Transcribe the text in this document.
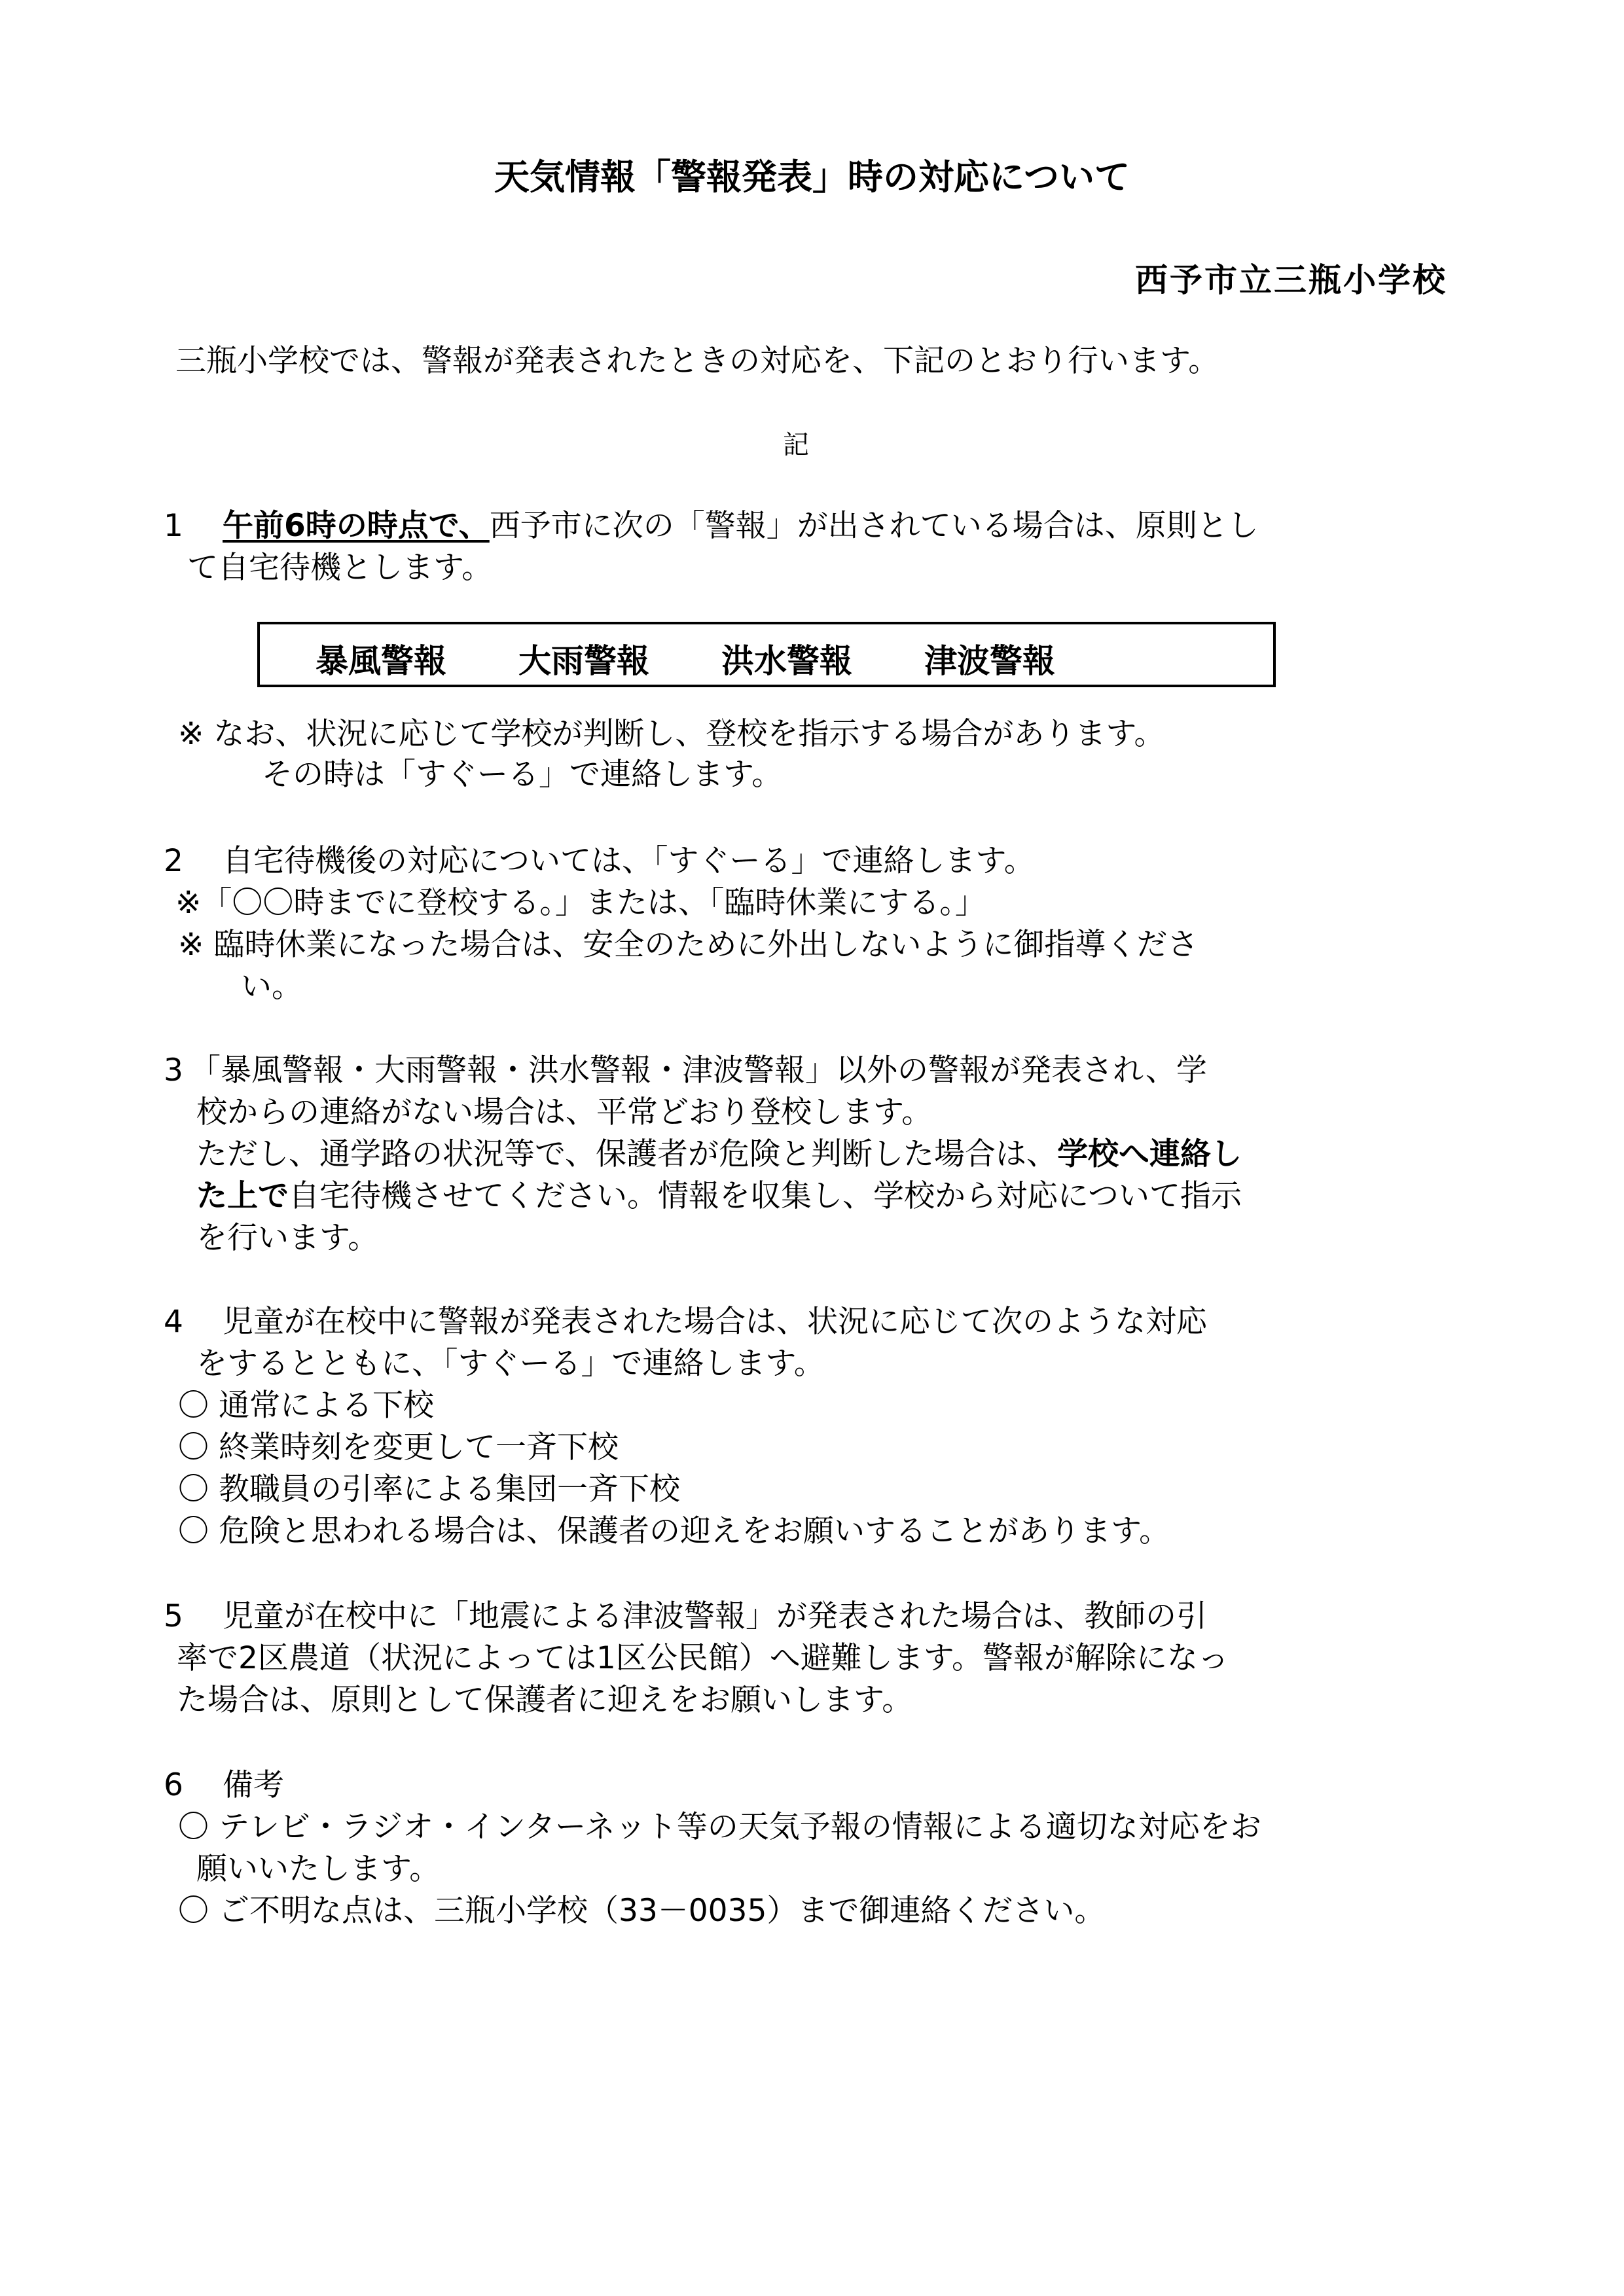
天気情報「警報発表」時の対応について
西予市立三瓶小学校
三瓶小学校では、警報が発表されたときの対応を、下記のとおり行います。
記
1 午前6時の時点で、西予市に次の「警報」が出されている場合は、原則とし
て自宅待機とします。
暴風警報 大雨警報 洪水警報 津波警報
※ なお、状況に応じて学校が判断し、登校を指示する場合があります。
その時は「すぐーる」で連絡します。
2 自宅待機後の対応については、「すぐーる」で連絡します。
※「〇〇時までに登校する。」または、「臨時休業にする。」
※ 臨時休業になった場合は、安全のために外出しないように御指導くださ
い。
3 「暴風警報・大雨警報・洪水警報・津波警報」以外の警報が発表され、学
校からの連絡がない場合は、平常どおり登校します。
ただし、通学路の状況等で、保護者が危険と判断した場合は、学校へ連絡し
た上で自宅待機させてください。情報を収集し、学校から対応について指示
を行います。
4 児童が在校中に警報が発表された場合は、状況に応じて次のような対応
をするとともに、「すぐーる」で連絡します。
〇 通常による下校
〇 終業時刻を変更して一斉下校
〇 教職員の引率による集団一斉下校
〇 危険と思われる場合は、保護者の迎えをお願いすることがあります。
5 児童が在校中に「地震による津波警報」が発表された場合は、教師の引
率で2区農道（状況によっては1区公民館）へ避難します。警報が解除になっ
た場合は、原則として保護者に迎えをお願いします。
6 備考
〇 テレビ・ラジオ・インターネット等の天気予報の情報による適切な対応をお
願いいたします。
〇 ご不明な点は、三瓶小学校（33－0035）まで御連絡ください。
